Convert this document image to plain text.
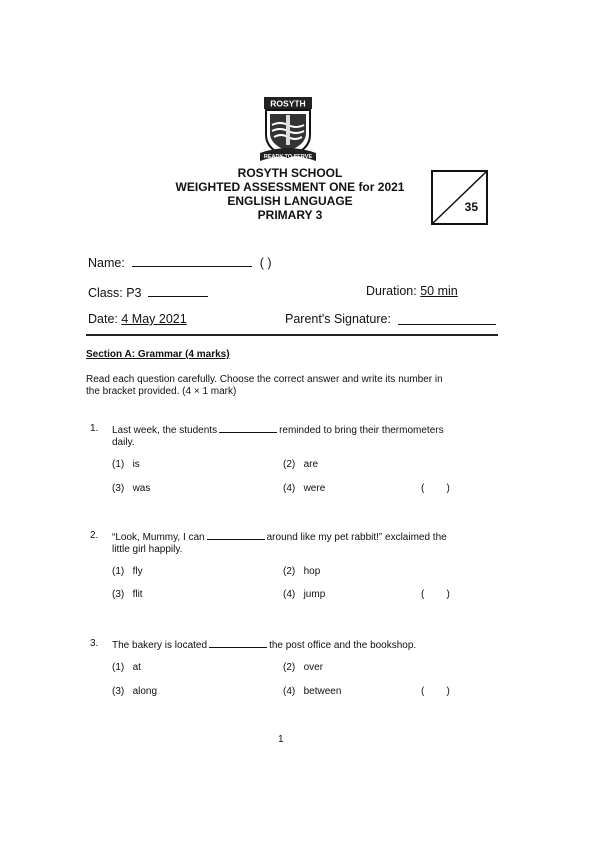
ROSYTH
READY TO SERVE
ROSYTH SCHOOL
WEIGHTED ASSESSMENT ONE for 2021
ENGLISH LANGUAGE
PRIMARY 3
35
Name:	( )
Class: P3	Duration: 50 min
Date: 4 May 2021	Parent's Signature:
Section A: Grammar (4 marks)
Read each question carefully. Choose the correct answer and write its number in
the bracket provided. (4 × 1 mark)
1. Last week, the students	reminded to bring their thermometers
daily.
(1) is	(2) are
(3) was	(4) were	(        )
2. “Look, Mummy, I can	around like my pet rabbit!” exclaimed the
little girl happily.
(1) fly	(2) hop
(3) flit	(4) jump	(        )
3. The bakery is located	the post office and the bookshop.
(1) at	(2) over
(3) along	(4) between	(        )
1
